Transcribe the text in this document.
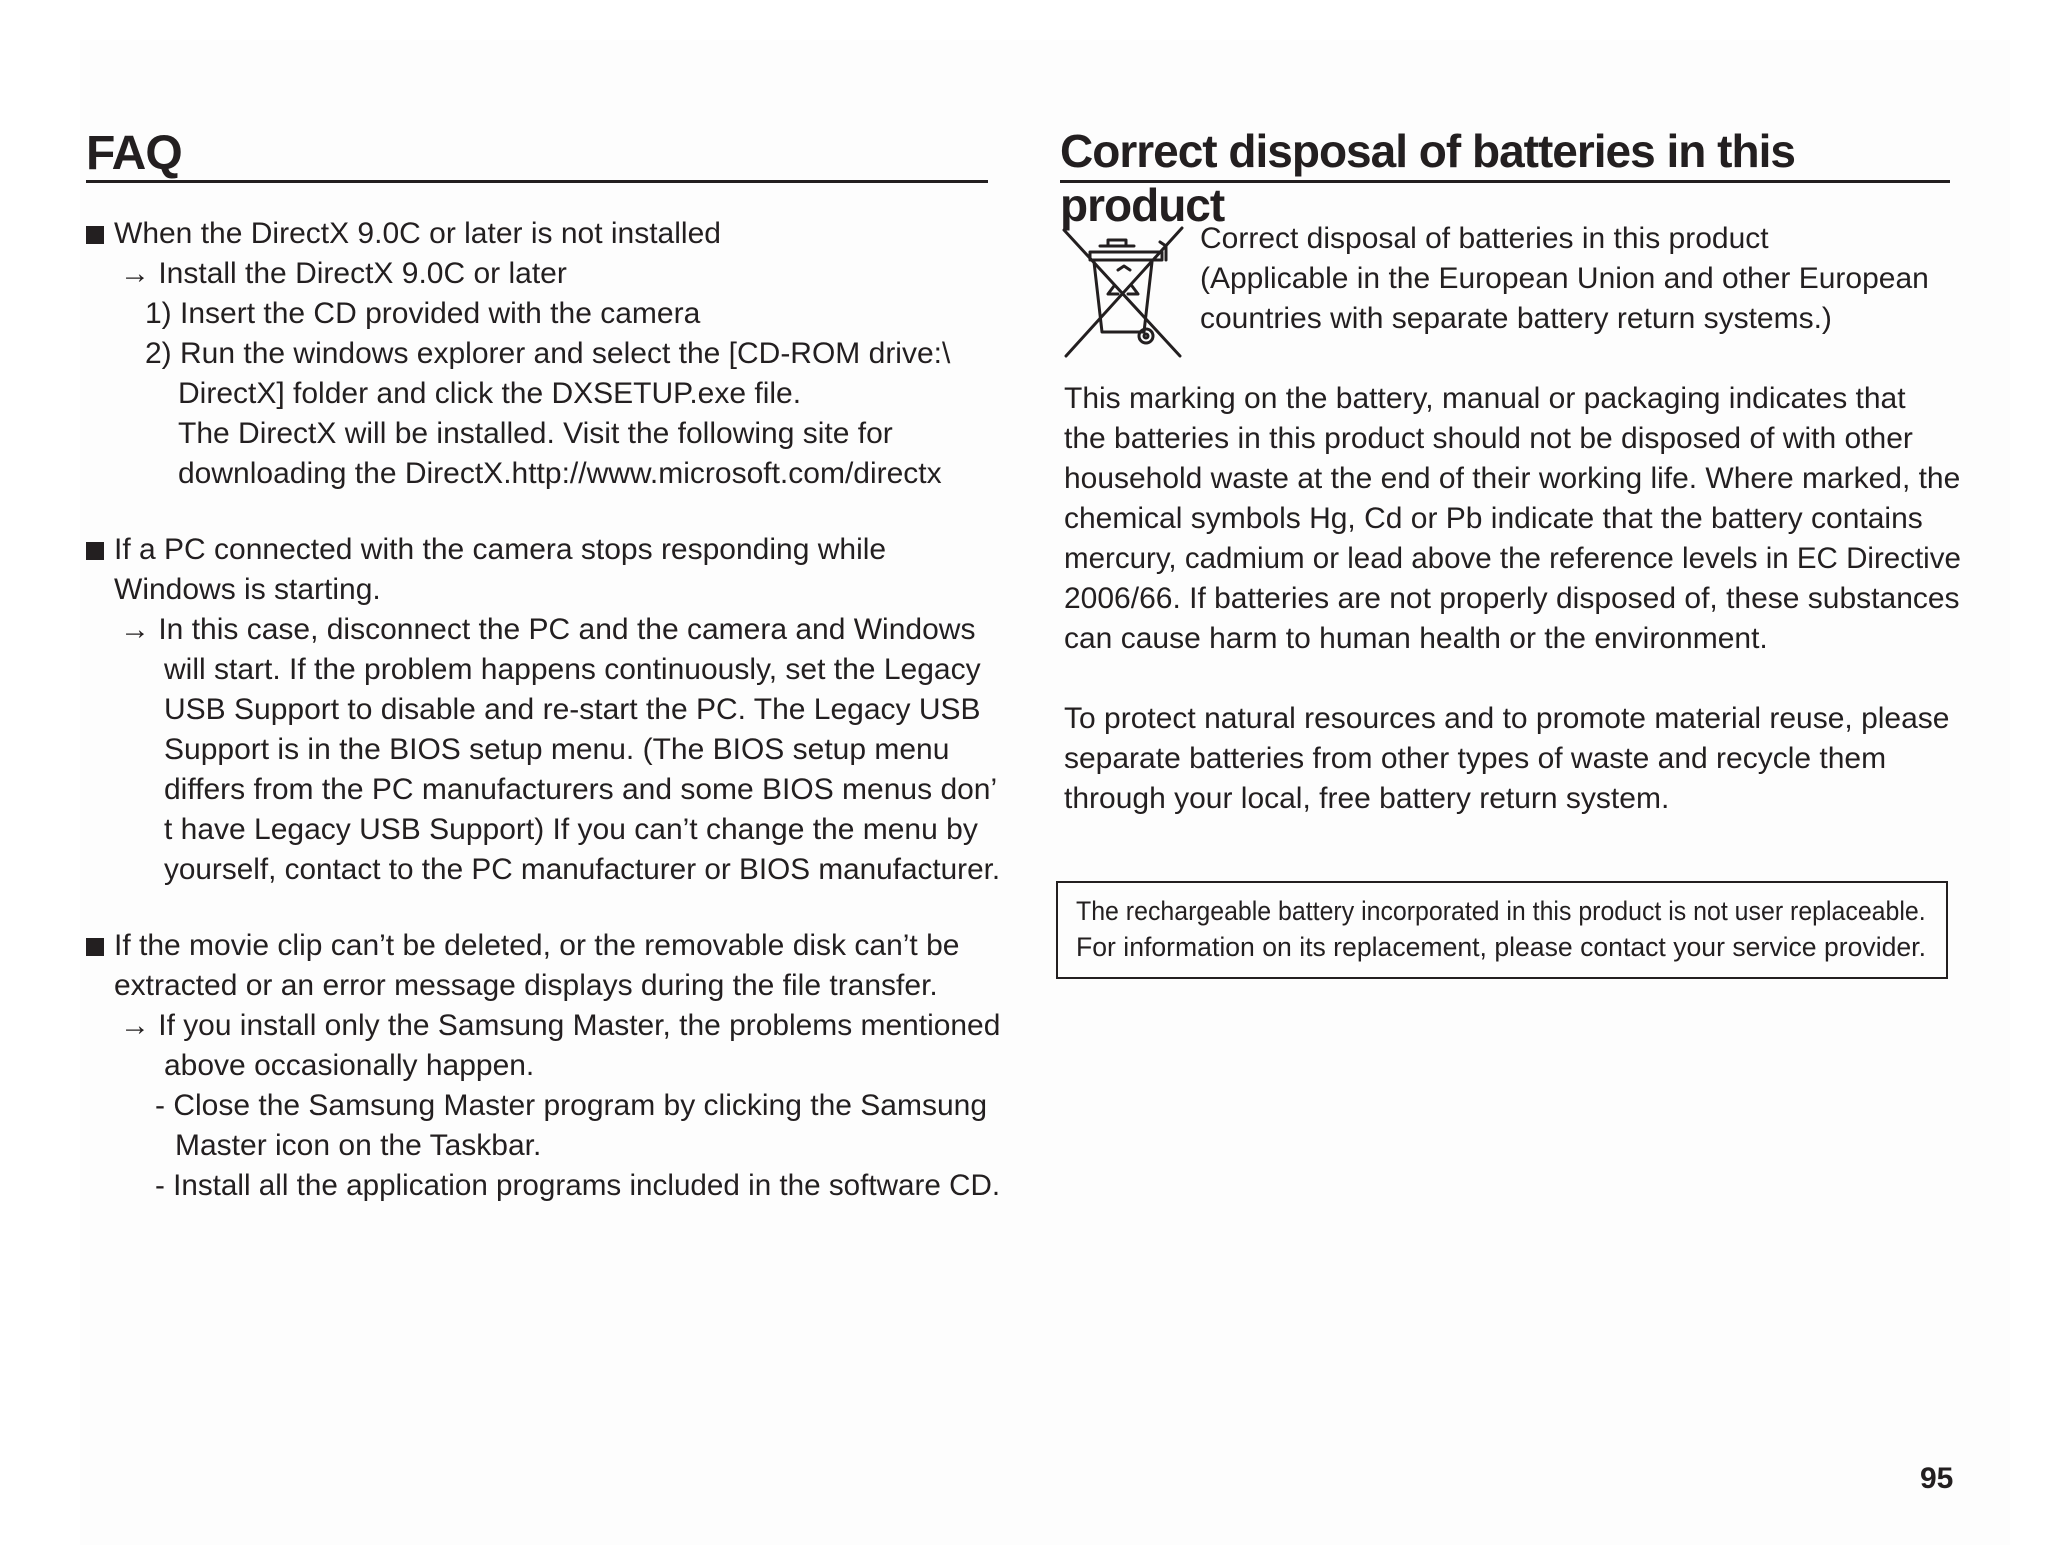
FAQ
When the DirectX 9.0C or later is not installed
→ Install the DirectX 9.0C or later
1) Insert the CD provided with the camera
2) Run the windows explorer and select the [CD-ROM drive:\
DirectX] folder and click the DXSETUP.exe file.
The DirectX will be installed. Visit the following site for
downloading the DirectX.http://www.microsoft.com/directx
If a PC connected with the camera stops responding while
Windows is starting.
→ In this case, disconnect the PC and the camera and Windows
will start. If the problem happens continuously, set the Legacy
USB Support to disable and re-start the PC. The Legacy USB
Support is in the BIOS setup menu. (The BIOS setup menu
differs from the PC manufacturers and some BIOS menus don’
t have Legacy USB Support) If you can’t change the menu by
yourself, contact to the PC manufacturer or BIOS manufacturer.
If the movie clip can’t be deleted, or the removable disk can’t be
extracted or an error message displays during the file transfer.
→ If you install only the Samsung Master, the problems mentioned
above occasionally happen.
- Close the Samsung Master program by clicking the Samsung
Master icon on the Taskbar.
- Install all the application programs included in the software CD.
Correct disposal of batteries in this product
Correct disposal of batteries in this product
(Applicable in the European Union and other European
countries with separate battery return systems.)
This marking on the battery, manual or packaging indicates that
the batteries in this product should not be disposed of with other
household waste at the end of their working life. Where marked, the
chemical symbols Hg, Cd or Pb indicate that the battery contains
mercury, cadmium or lead above the reference levels in EC Directive
2006/66. If batteries are not properly disposed of, these substances
can cause harm to human health or the environment.
To protect natural resources and to promote material reuse, please
separate batteries from other types of waste and recycle them
through your local, free battery return system.
The rechargeable battery incorporated in this product is not user replaceable.
For information on its replacement, please contact your service provider.
95
